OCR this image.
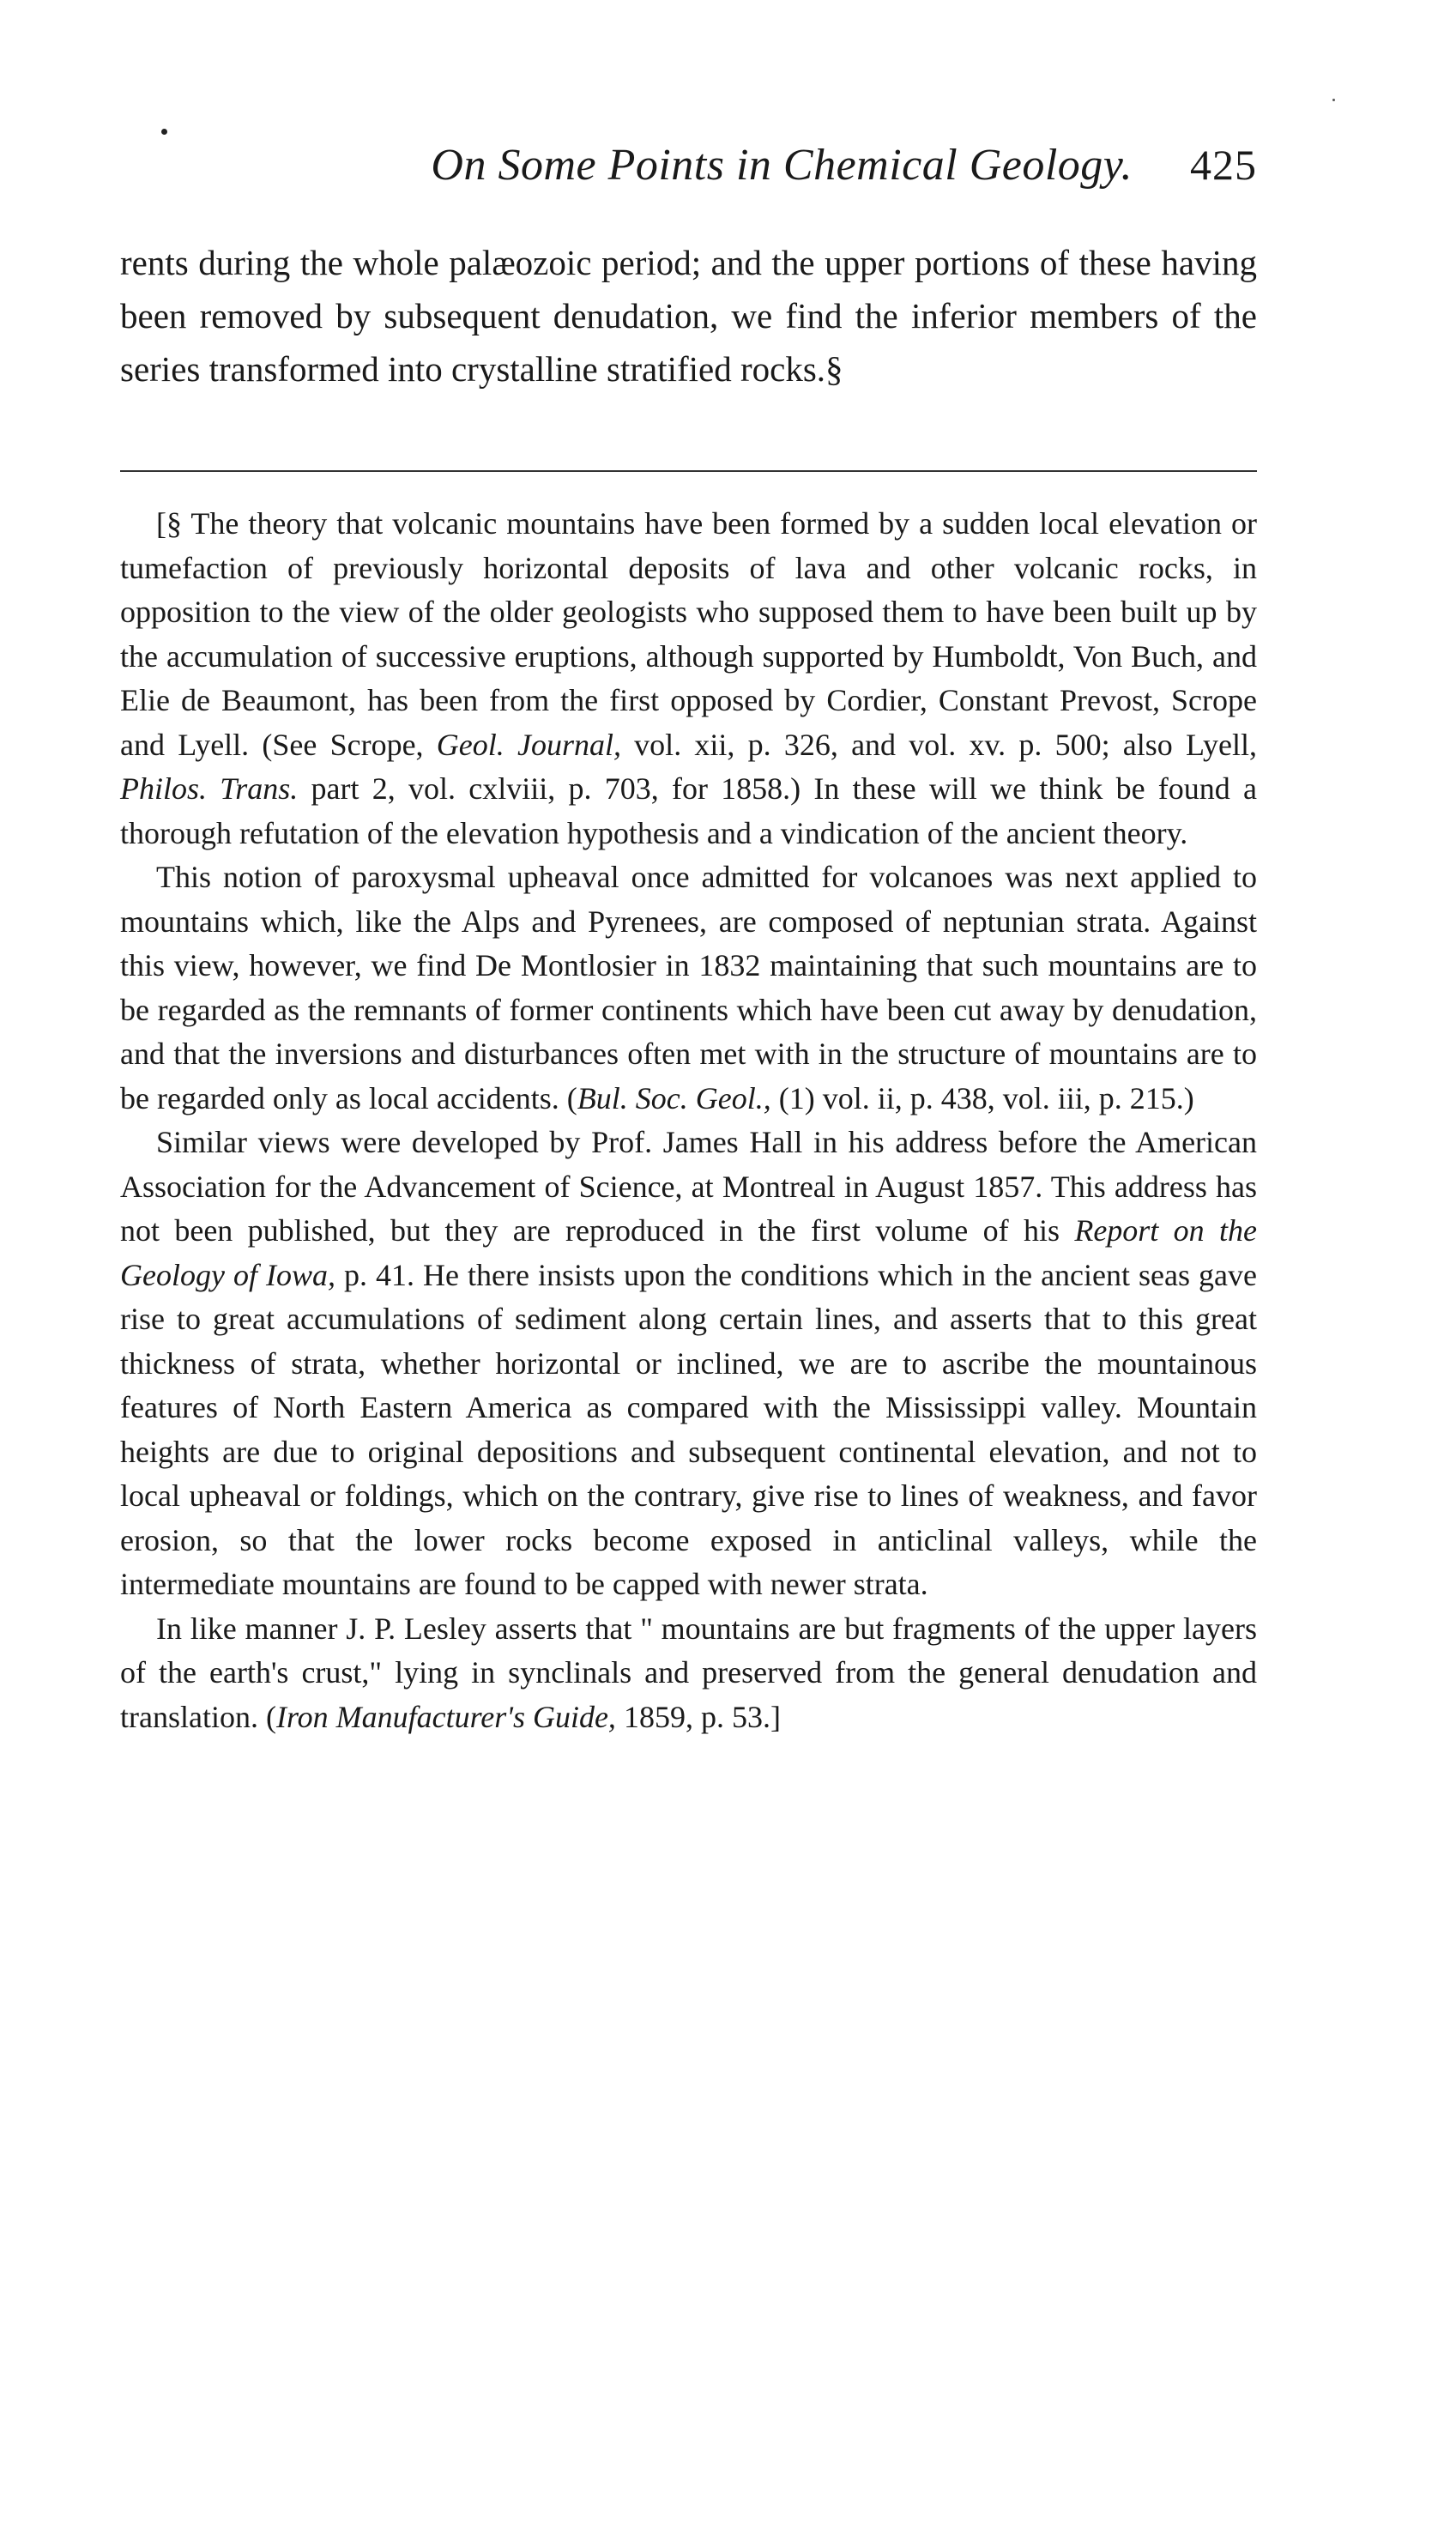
On Some Points in Chemical Geology. 425

rents during the whole palæozoic period; and the upper portions of these having been removed by subsequent denudation, we find the inferior members of the series transformed into crystalline stratified rocks.§

[§ The theory that volcanic mountains have been formed by a sudden local elevation or tumefaction of previously horizontal deposits of lava and other volcanic rocks, in opposition to the view of the older geologists who supposed them to have been built up by the accumulation of successive eruptions, although supported by Humboldt, Von Buch, and Elie de Beaumont, has been from the first opposed by Cordier, Constant Prevost, Scrope and Lyell. (See Scrope, Geol. Journal, vol. xii, p. 326, and vol. xv. p. 500; also Lyell, Philos. Trans. part 2, vol. cxlviii, p. 703, for 1858.) In these will we think be found a thorough refutation of the elevation hypothesis and a vindication of the ancient theory.

This notion of paroxysmal upheaval once admitted for volcanoes was next applied to mountains which, like the Alps and Pyrenees, are composed of neptunian strata. Against this view, however, we find De Montlosier in 1832 maintaining that such mountains are to be regarded as the remnants of former continents which have been cut away by denudation, and that the inversions and disturbances often met with in the structure of mountains are to be regarded only as local accidents. (Bul. Soc. Geol., (1) vol. ii, p. 438, vol. iii, p. 215.)

Similar views were developed by Prof. James Hall in his address before the American Association for the Advancement of Science, at Montreal in August 1857. This address has not been published, but they are reproduced in the first volume of his Report on the Geology of Iowa, p. 41. He there insists upon the conditions which in the ancient seas gave rise to great accumulations of sediment along certain lines, and asserts that to this great thickness of strata, whether horizontal or inclined, we are to ascribe the mountainous features of North Eastern America as compared with the Mississippi valley. Mountain heights are due to original depositions and subsequent continental elevation, and not to local upheaval or foldings, which on the contrary, give rise to lines of weakness, and favor erosion, so that the lower rocks become exposed in anticlinal valleys, while the intermediate mountains are found to be capped with newer strata.

In like manner J. P. Lesley asserts that " mountains are but fragments of the upper layers of the earth's crust," lying in synclinals and preserved from the general denudation and translation. (Iron Manufacturer's Guide, 1859, p. 53.]
